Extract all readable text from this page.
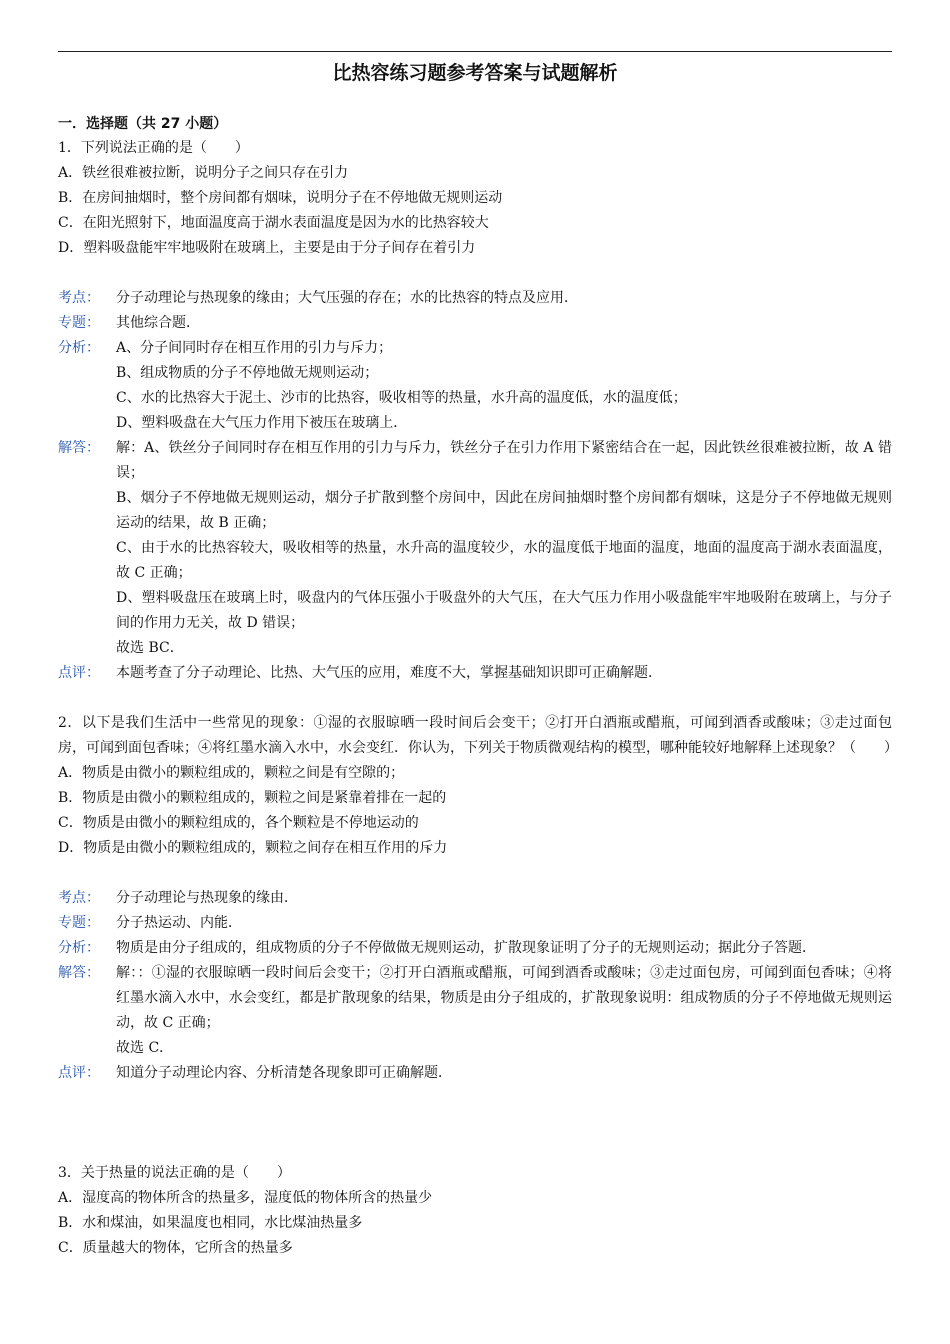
比热容练习题参考答案与试题解析
一．选择题（共 27 小题）
1．下列说法正确的是（　　）
A．铁丝很难被拉断，说明分子之间只存在引力
B．在房间抽烟时，整个房间都有烟味，说明分子在不停地做无规则运动
C．在阳光照射下，地面温度高于湖水表面温度是因为水的比热容较大
D．塑料吸盘能牢牢地吸附在玻璃上，主要是由于分子间存在着引力
考点：	分子动理论与热现象的缘由；大气压强的存在；水的比热容的特点及应用．
专题：	其他综合题．
分析：	A、分子间同时存在相互作用的引力与斥力；
B、组成物质的分子不停地做无规则运动；
C、水的比热容大于泥土、沙市的比热容，吸收相等的热量，水升高的温度低，水的温度低；
D、塑料吸盘在大气压力作用下被压在玻璃上．
解答：	解：A、铁丝分子间同时存在相互作用的引力与斥力，铁丝分子在引力作用下紧密结合在一起，因此铁丝很难被拉断，故 A 错误；
B、烟分子不停地做无规则运动，烟分子扩散到整个房间中，因此在房间抽烟时整个房间都有烟味，这是分子不停地做无规则运动的结果，故 B 正确；
C、由于水的比热容较大，吸收相等的热量，水升高的温度较少，水的温度低于地面的温度，地面的温度高于湖水表面温度，故 C 正确；
D、塑料吸盘压在玻璃上时，吸盘内的气体压强小于吸盘外的大气压，在大气压力作用小吸盘能牢牢地吸附在玻璃上，与分子间的作用力无关，故 D 错误；
故选 BC．
点评：	本题考查了分子动理论、比热、大气压的应用，难度不大，掌握基础知识即可正确解题．
2．以下是我们生活中一些常见的现象：①湿的衣服晾晒一段时间后会变干；②打开白酒瓶或醋瓶，可闻到酒香或酸味；③走过面包房，可闻到面包香味；④将红墨水滴入水中，水会变红．你认为，下列关于物质微观结构的模型，哪种能较好地解释上述现象？（　　）
A．物质是由微小的颗粒组成的，颗粒之间是有空隙的；
B．物质是由微小的颗粒组成的，颗粒之间是紧靠着排在一起的
C．物质是由微小的颗粒组成的，各个颗粒是不停地运动的
D．物质是由微小的颗粒组成的，颗粒之间存在相互作用的斥力
考点：	分子动理论与热现象的缘由．
专题：	分子热运动、内能．
分析：	物质是由分子组成的，组成物质的分子不停做做无规则运动，扩散现象证明了分子的无规则运动；据此分子答题．
解答：	解：：①湿的衣服晾晒一段时间后会变干；②打开白酒瓶或醋瓶，可闻到酒香或酸味；③走过面包房，可闻到面包香味；④将红墨水滴入水中，水会变红，都是扩散现象的结果，物质是由分子组成的，扩散现象说明：组成物质的分子不停地做无规则运动，故 C 正确；
故选 C．
点评：	知道分子动理论内容、分析清楚各现象即可正确解题．
3．关于热量的说法正确的是（　　）
A．湿度高的物体所含的热量多，湿度低的物体所含的热量少
B．水和煤油，如果温度也相同，水比煤油热量多
C．质量越大的物体，它所含的热量多
